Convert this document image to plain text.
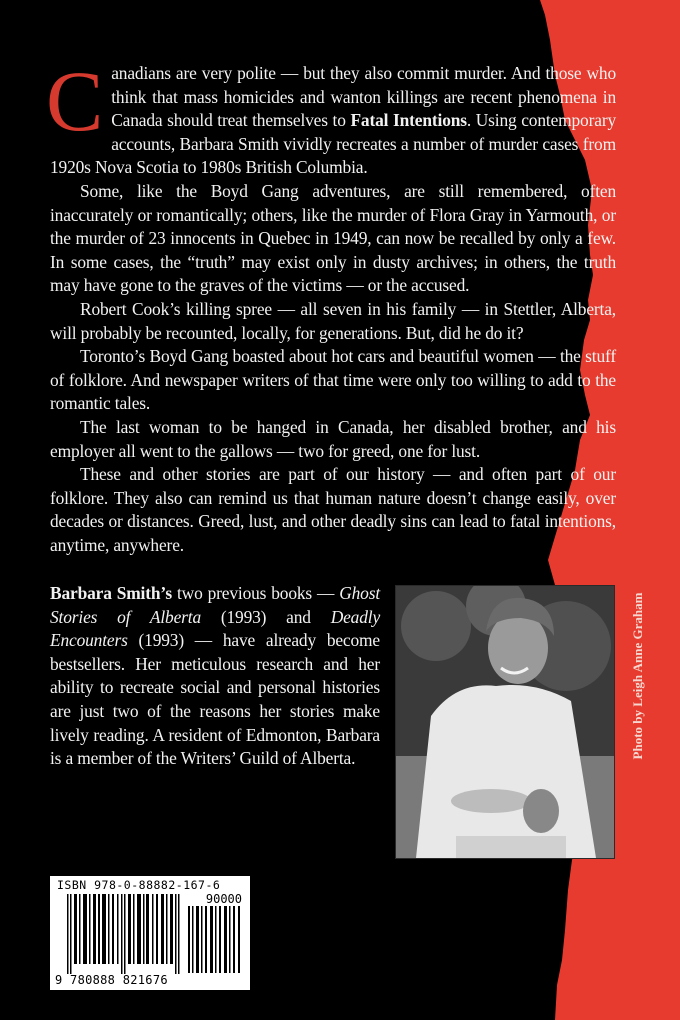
Canadians are very polite — but they also commit murder. And those who think that mass homicides and wanton killings are recent phenomena in Canada should treat themselves to Fatal Intentions. Using contemporary accounts, Barbara Smith vividly recreates a number of murder cases from 1920s Nova Scotia to 1980s British Columbia.

Some, like the Boyd Gang adventures, are still remembered, often inaccurately or romantically; others, like the murder of Flora Gray in Yarmouth, or the murder of 23 innocents in Quebec in 1949, can now be recalled by only a few. In some cases, the “truth” may exist only in dusty archives; in others, the truth may have gone to the graves of the victims — or the accused.

Robert Cook’s killing spree — all seven in his family — in Stettler, Alberta, will probably be recounted, locally, for generations. But, did he do it?

Toronto’s Boyd Gang boasted about hot cars and beautiful women — the stuff of folklore. And newspaper writers of that time were only too willing to add to the romantic tales.

The last woman to be hanged in Canada, her disabled brother, and his employer all went to the gallows — two for greed, one for lust.

These and other stories are part of our history — and often part of our folklore. They also can remind us that human nature doesn’t change easily, over decades or distances. Greed, lust, and other deadly sins can lead to fatal intentions, anytime, anywhere.

Barbara Smith’s two previous books — Ghost Stories of Alberta (1993) and Deadly Encounters (1993) — have already become bestsellers. Her meticulous research and her ability to recreate social and personal histories are just two of the reasons her stories make lively reading. A resident of Edmonton, Barbara is a member of the Writers’ Guild of Alberta.	Photo by Leigh Anne Graham
ISBN 978-0-88882-167-6
90000
9 780888 821676
